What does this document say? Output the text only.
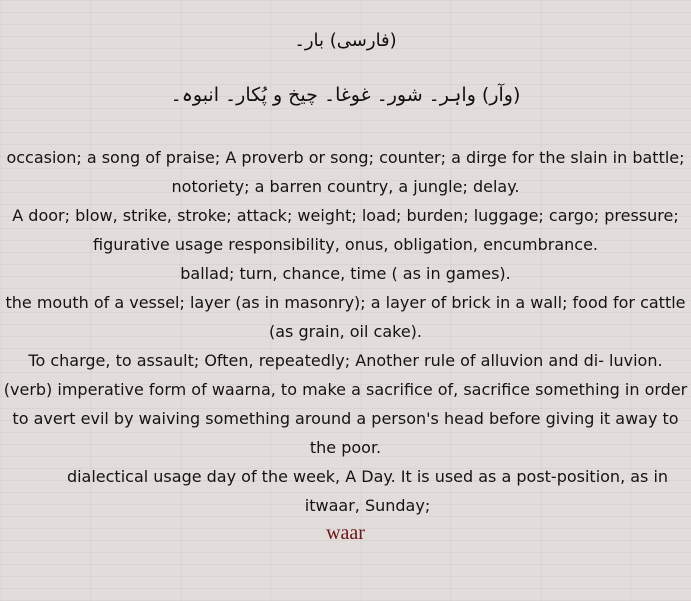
(فارسی) بار۔
(وآر) واہر۔ شور۔ غوغا۔ چیخ و پُکار۔ انبوہ۔

occasion; a song of praise; A proverb or song; counter; a dirge for the slain in battle; notoriety; a barren country, a jungle; delay.

A door; blow, strike, stroke; attack; weight; load; burden; luggage; cargo; pressure; figurative usage responsibility, onus, obligation, encumbrance.

ballad; turn, chance, time ( as in games).

the mouth of a vessel; layer (as in masonry); a layer of brick in a wall; food for cattle (as grain, oil cake).

To charge, to assault; Often, repeatedly; Another rule of alluvion and di- luvion.

(verb) imperative form of waarna, to make a sacrifice of, sacrifice something in order to avert evil by waiving something around a person's head before giving it away to the poor.

dialectical usage day of the week, A Day. It is used as a post-position, as in itwaar, Sunday;

waar
